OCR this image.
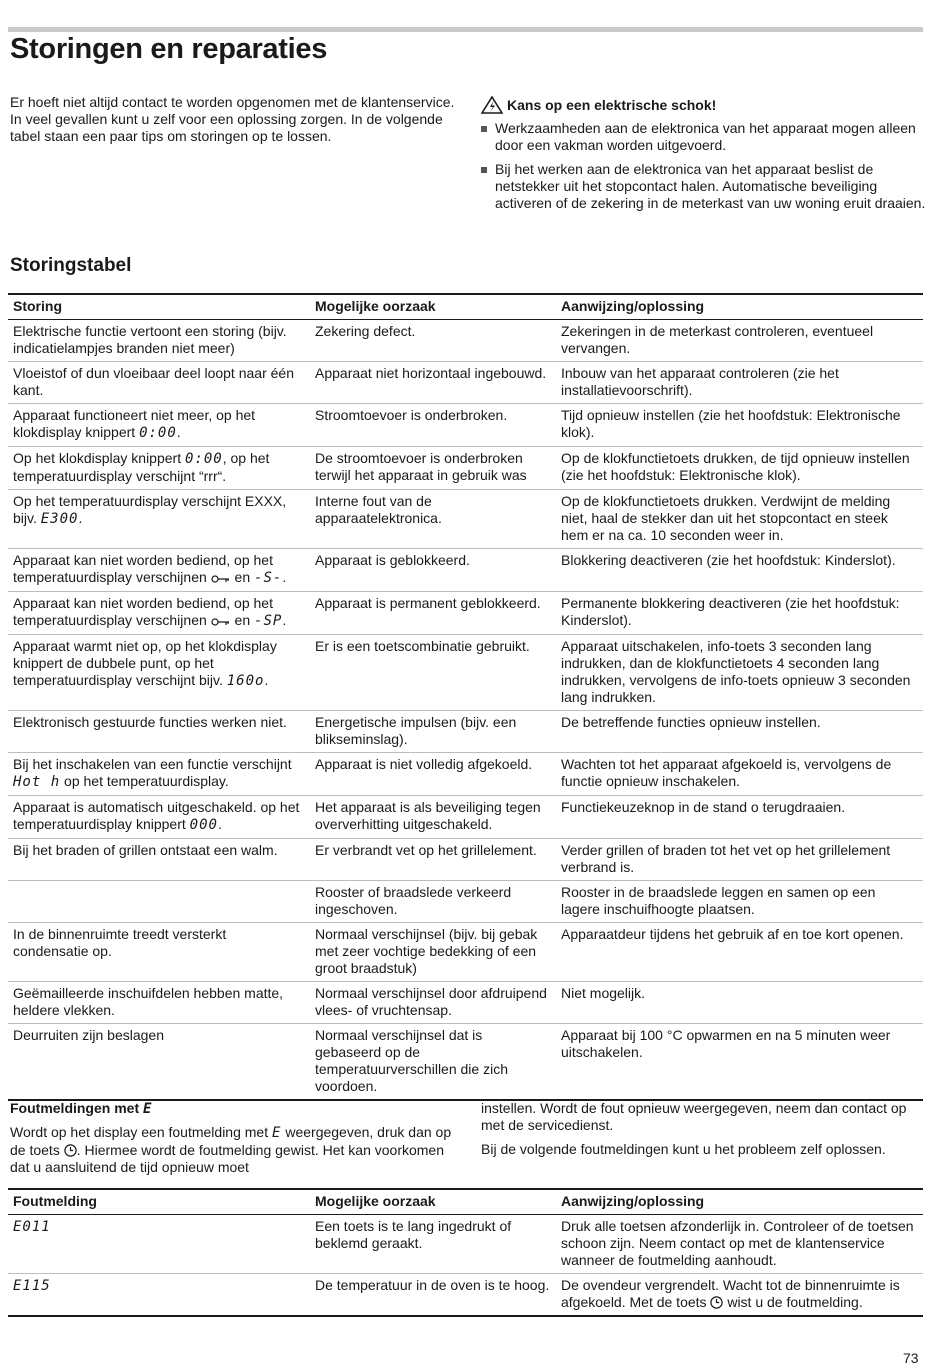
Storingen en reparaties

Er hoeft niet altijd contact te worden opgenomen met de klantenservice. In veel gevallen kunt u zelf voor een oplossing zorgen. In de volgende tabel staan een paar tips om storingen op te lossen.

Kans op een elektrische schok!
Werkzaamheden aan de elektronica van het apparaat mogen alleen door een vakman worden uitgevoerd.
Bij het werken aan de elektronica van het apparaat beslist de netstekker uit het stopcontact halen. Automatische beveiliging activeren of de zekering in de meterkast van uw woning eruit draaien.
Storingstabel
Storing	Mogelijke oorzaak	Aanwijzing/oplossing
Elektrische functie vertoont een storing (bijv. indicatielampjes branden niet meer)	Zekering defect.	Zekeringen in de meterkast controleren, eventueel vervangen.
Vloeistof of dun vloeibaar deel loopt naar één kant.	Apparaat niet horizontaal ingebouwd.	Inbouw van het apparaat controleren (zie het installatievoorschrift).
Apparaat functioneert niet meer, op het klokdisplay knippert 0:00.	Stroomtoevoer is onderbroken.	Tijd opnieuw instellen (zie het hoofdstuk: Elektronische klok).
Op het klokdisplay knippert 0:00, op het temperatuurdisplay verschijnt “rrr“.	De stroomtoevoer is onderbroken terwijl het apparaat in gebruik was	Op de klokfunctietoets drukken, de tijd opnieuw instellen (zie het hoofdstuk: Elektronische klok).
Op het temperatuurdisplay verschijnt EXXX, bijv. E300.	Interne fout van de apparaatelektronica.	Op de klokfunctietoets drukken. Verdwijnt de melding niet, haal de stekker dan uit het stopcontact en steek hem er na ca. 10 seconden weer in.
Apparaat kan niet worden bediend, op het temperatuurdisplay verschijnen en -S-.	Apparaat is geblokkeerd.	Blokkering deactiveren (zie het hoofdstuk: Kinderslot).
Apparaat kan niet worden bediend, op het temperatuurdisplay verschijnen en -SP.	Apparaat is permanent geblokkeerd.	Permanente blokkering deactiveren (zie het hoofdstuk: Kinderslot).
Apparaat warmt niet op, op het klokdisplay knippert de dubbele punt, op het temperatuurdisplay verschijnt bijv. 160o.	Er is een toetscombinatie gebruikt.	Apparaat uitschakelen, info-toets 3 seconden lang indrukken, dan de klokfunctietoets 4 seconden lang indrukken, vervolgens de info-toets opnieuw 3 seconden lang indrukken.
Elektronisch gestuurde functies werken niet.	Energetische impulsen (bijv. een blikseminslag).	De betreffende functies opnieuw instellen.
Bij het inschakelen van een functie verschijnt Hot h op het temperatuurdisplay.	Apparaat is niet volledig afgekoeld.	Wachten tot het apparaat afgekoeld is, vervolgens de functie opnieuw inschakelen.
Apparaat is automatisch uitgeschakeld. op het temperatuurdisplay knippert 000.	Het apparaat is als beveiliging tegen oververhitting uitgeschakeld.	Functiekeuzeknop in de stand o terugdraaien.
Bij het braden of grillen ontstaat een walm.	Er verbrandt vet op het grillelement.	Verder grillen of braden tot het vet op het grillelement verbrand is.
	Rooster of braadslede verkeerd ingeschoven.	Rooster in de braadslede leggen en samen op een lagere inschuifhoogte plaatsen.
In de binnenruimte treedt versterkt condensatie op.	Normaal verschijnsel (bijv. bij gebak met zeer vochtige bedekking of een groot braadstuk)	Apparaatdeur tijdens het gebruik af en toe kort openen.
Geëmailleerde inschuifdelen hebben matte, heldere vlekken.	Normaal verschijnsel door afdruipend vlees- of vruchtensap.	Niet mogelijk.
Deurruiten zijn beslagen	Normaal verschijnsel dat is gebaseerd op de temperatuurverschillen die zich voordoen.	Apparaat bij 100 °C opwarmen en na 5 minuten weer uitschakelen.

Foutmeldingen met E

Wordt op het display een foutmelding met E weergegeven, druk dan op de toets . Hiermee wordt de foutmelding gewist. Het kan voorkomen dat u aansluitend de tijd opnieuw moet

instellen. Wordt de fout opnieuw weergegeven, neem dan contact op met de servicedienst.

Bij de volgende foutmeldingen kunt u het probleem zelf oplossen.

Foutmelding	Mogelijke oorzaak	Aanwijzing/oplossing
E011	Een toets is te lang ingedrukt of beklemd geraakt.	Druk alle toetsen afzonderlijk in. Controleer of de toetsen schoon zijn. Neem contact op met de klantenservice wanneer de foutmelding aanhoudt.
E115	De temperatuur in de oven is te hoog.	De ovendeur vergrendelt. Wacht tot de binnenruimte is afgekoeld. Met de toets wist u de foutmelding.
73
